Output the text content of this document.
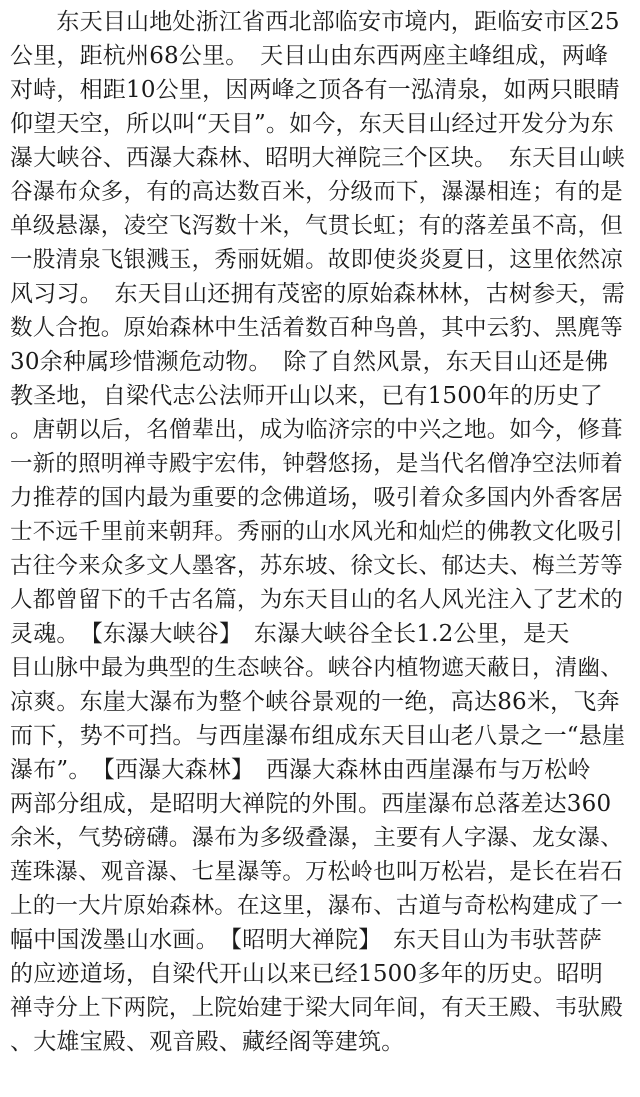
　　东天目山地处浙江省西北部临安市境内，距临安市区25
公里，距杭州68公里。　天目山由东西两座主峰组成，两峰
对峙，相距10公里，因两峰之顶各有一泓清泉，如两只眼睛
仰望天空，所以叫“天目”。如今，东天目山经过开发分为东
瀑大峡谷、西瀑大森林、昭明大禅院三个区块。　东天目山峡
谷瀑布众多，有的高达数百米，分级而下，瀑瀑相连；有的是
单级悬瀑，凌空飞泻数十米，气贯长虹；有的落差虽不高，但
一股清泉飞银溅玉，秀丽妩媚。故即使炎炎夏日，这里依然凉
风习习。　东天目山还拥有茂密的原始森林林，古树参天，需
数人合抱。原始森林中生活着数百种鸟兽，其中云豹、黑麂等
30余种属珍惜濒危动物。　除了自然风景，东天目山还是佛
教圣地，自梁代志公法师开山以来，已有1500年的历史了
。唐朝以后，名僧辈出，成为临济宗的中兴之地。如今，修葺
一新的照明禅寺殿宇宏伟，钟磬悠扬，是当代名僧净空法师着
力推荐的国内最为重要的念佛道场，吸引着众多国内外香客居
士不远千里前来朝拜。秀丽的山水风光和灿烂的佛教文化吸引
古往今来众多文人墨客，苏东坡、徐文长、郁达夫、梅兰芳等
人都曾留下的千古名篇，为东天目山的名人风光注入了艺术的
灵魂。　【东瀑大峡谷】　东瀑大峡谷全长1.2公里，是天
目山脉中最为典型的生态峡谷。峡谷内植物遮天蔽日，清幽、
凉爽。东崖大瀑布为整个峡谷景观的一绝，高达86米，飞奔
而下，势不可挡。与西崖瀑布组成东天目山老八景之一“悬崖
瀑布”。　【西瀑大森林】　西瀑大森林由西崖瀑布与万松岭
两部分组成，是昭明大禅院的外围。西崖瀑布总落差达360
余米，气势磅礴。瀑布为多级叠瀑，主要有人字瀑、龙女瀑、
莲珠瀑、观音瀑、七星瀑等。万松岭也叫万松岩，是长在岩石
上的一大片原始森林。在这里，瀑布、古道与奇松构建成了一
幅中国泼墨山水画。　【昭明大禅院】　东天目山为韦驮菩萨
的应迹道场，自梁代开山以来已经1500多年的历史。昭明
禅寺分上下两院，上院始建于梁大同年间，有天王殿、韦驮殿
、大雄宝殿、观音殿、藏经阁等建筑。
